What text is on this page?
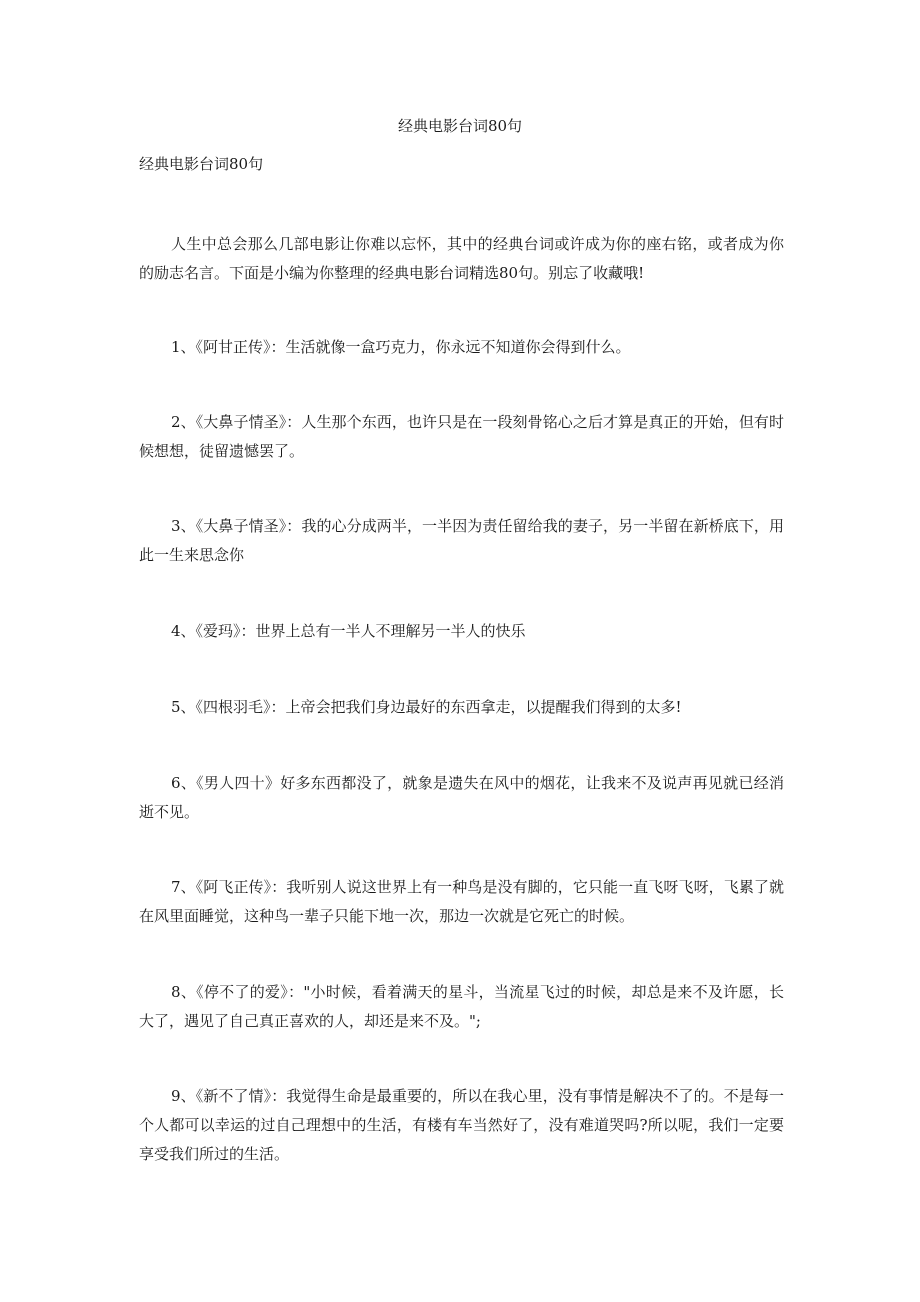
经典电影台词80句
经典电影台词80句

人生中总会那么几部电影让你难以忘怀，其中的经典台词或许成为你的座右铭，或者成为你的励志名言。下面是小编为你整理的经典电影台词精选80句。别忘了收藏哦!

1、《阿甘正传》：生活就像一盒巧克力，你永远不知道你会得到什么。

2、《大鼻子情圣》：人生那个东西，也许只是在一段刻骨铭心之后才算是真正的开始，但有时候想想，徒留遗憾罢了。

3、《大鼻子情圣》：我的心分成两半，一半因为责任留给我的妻子，另一半留在新桥底下，用此一生来思念你

4、《爱玛》：世界上总有一半人不理解另一半人的快乐

5、《四根羽毛》：上帝会把我们身边最好的东西拿走，以提醒我们得到的太多!

6、《男人四十》好多东西都没了，就象是遗失在风中的烟花，让我来不及说声再见就已经消逝不见。

7、《阿飞正传》：我听别人说这世界上有一种鸟是没有脚的，它只能一直飞呀飞呀，飞累了就在风里面睡觉，这种鸟一辈子只能下地一次，那边一次就是它死亡的时候。

8、《停不了的爱》："小时候，看着满天的星斗，当流星飞过的时候，却总是来不及许愿，长大了，遇见了自己真正喜欢的人，却还是来不及。";

9、《新不了情》：我觉得生命是最重要的，所以在我心里，没有事情是解决不了的。不是每一个人都可以幸运的过自己理想中的生活，有楼有车当然好了，没有难道哭吗?所以呢，我们一定要享受我们所过的生活。
